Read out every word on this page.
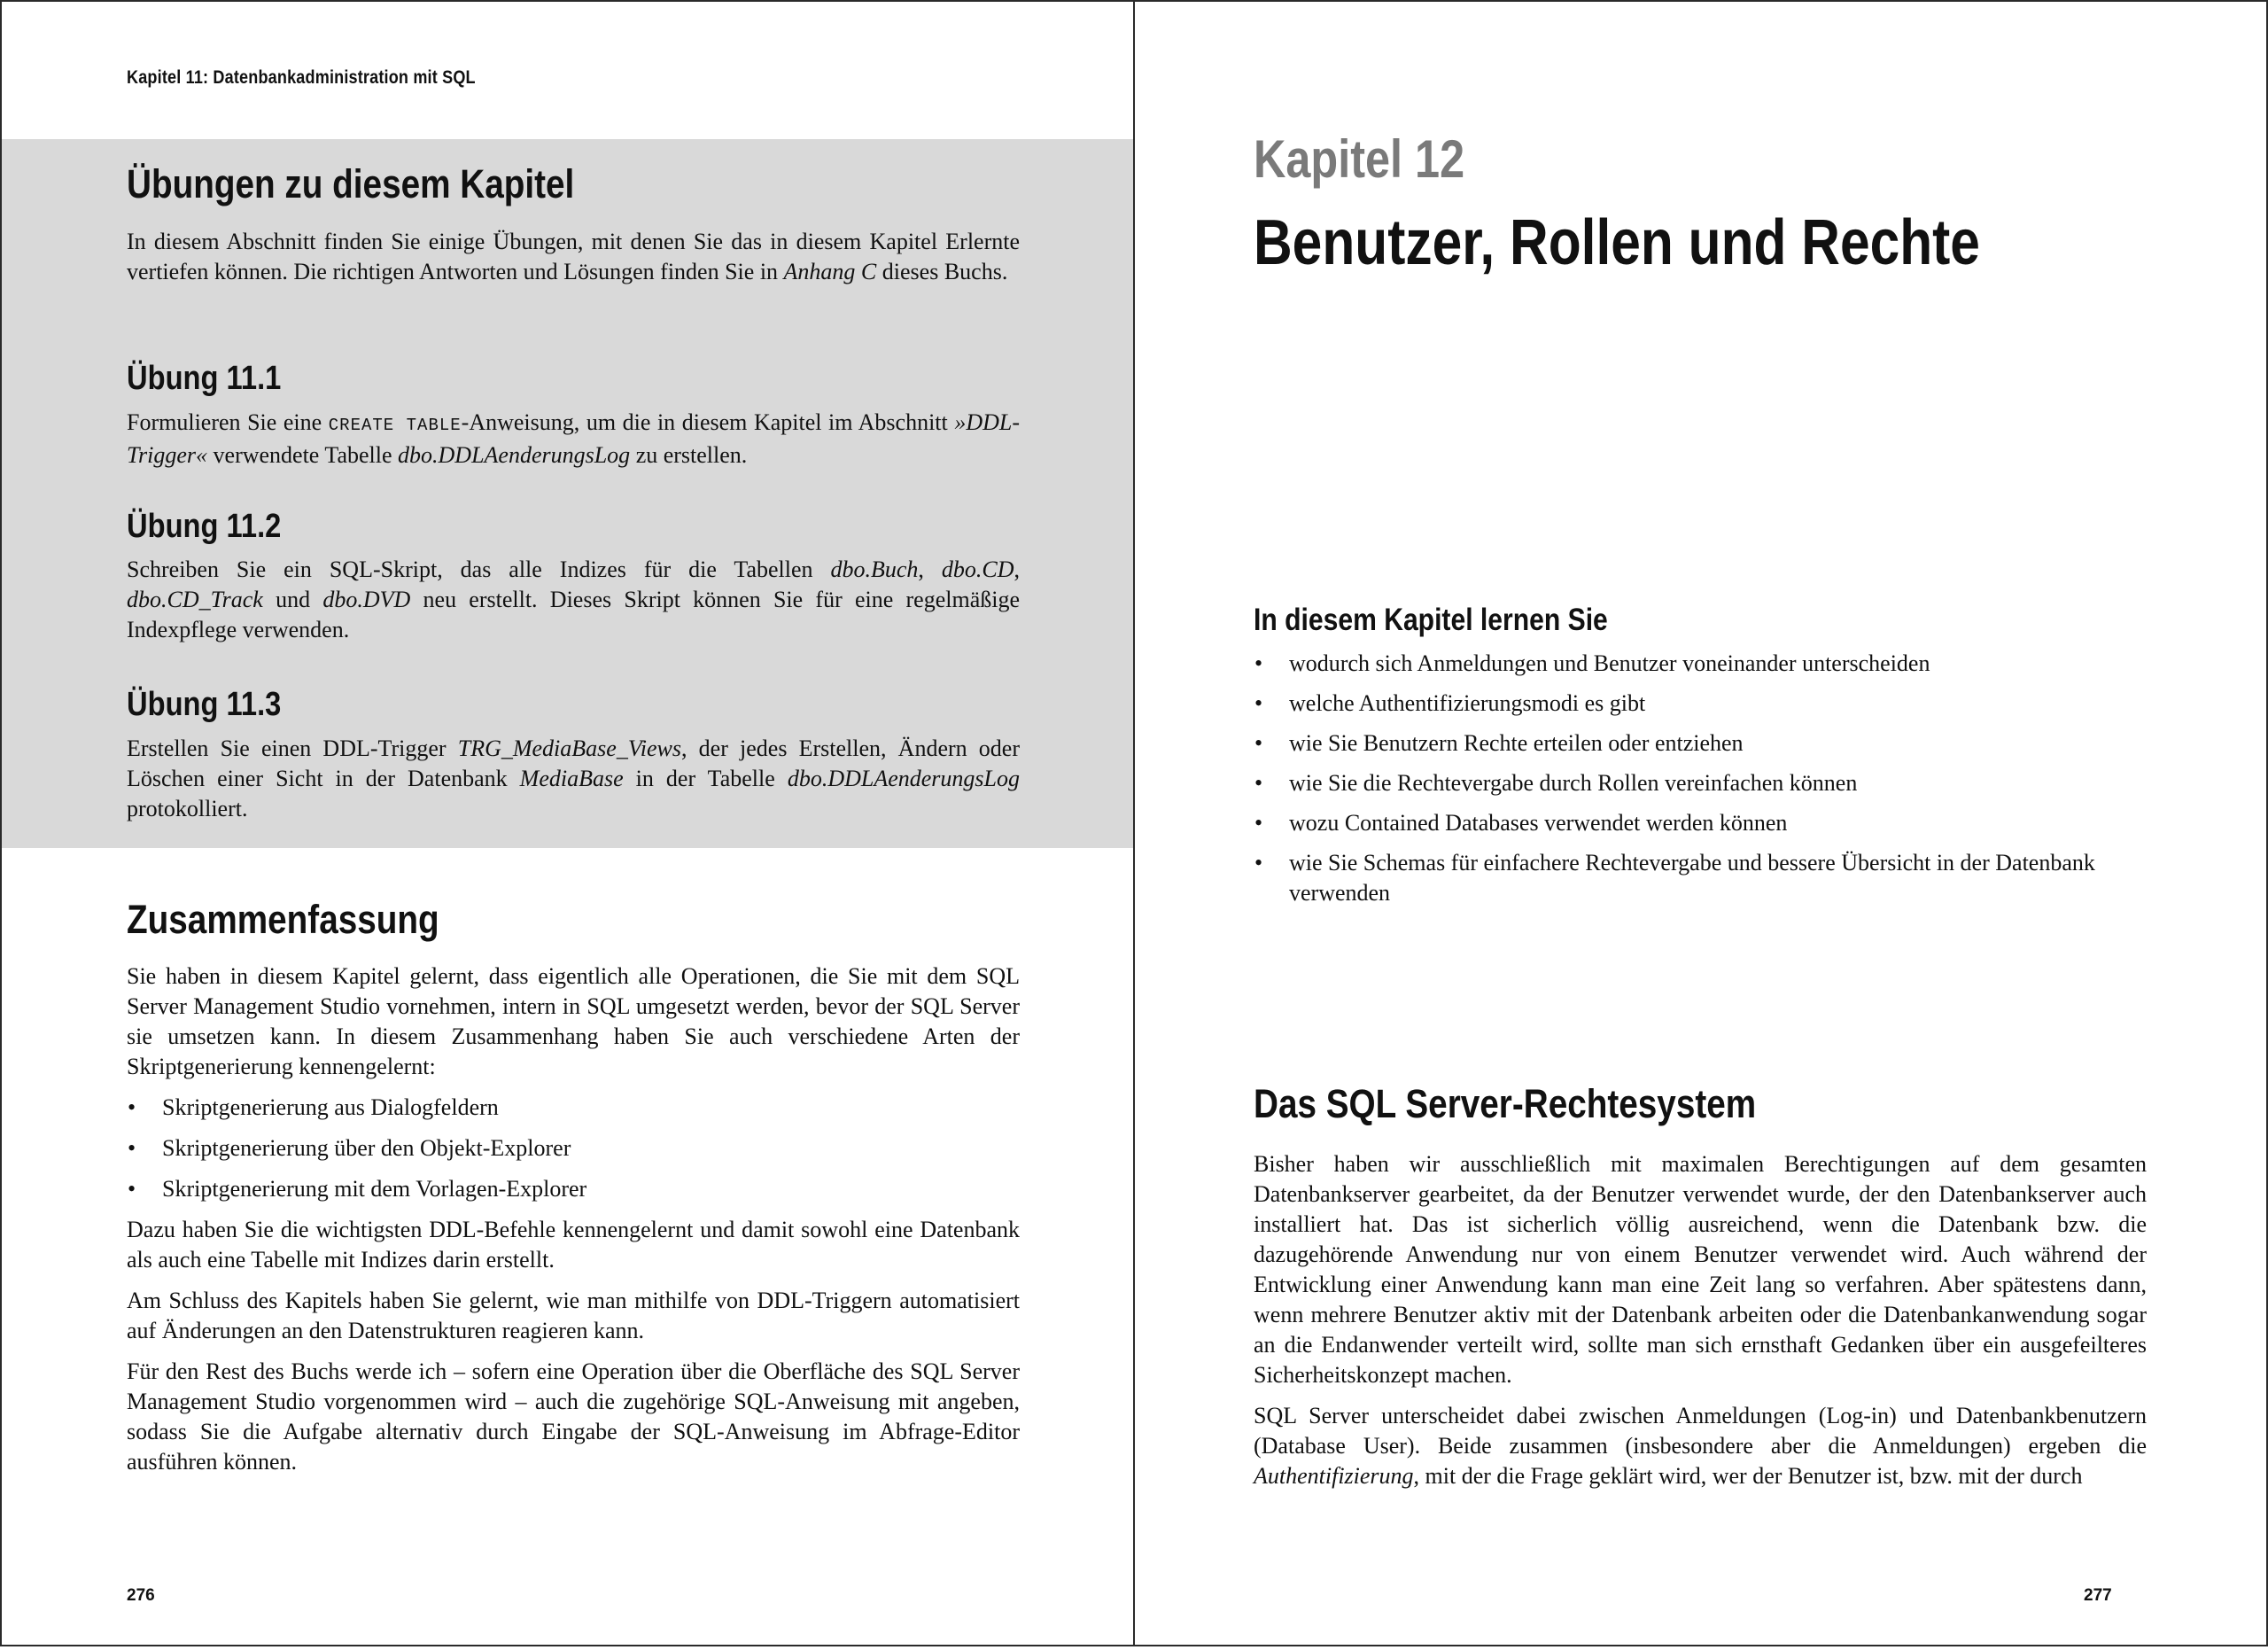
Kapitel 11: Datenbankadministration mit SQL
Übungen zu diesem Kapitel

In diesem Abschnitt finden Sie einige Übungen, mit denen Sie das in diesem Kapitel Erlernte vertiefen können. Die richtigen Antworten und Lösungen finden Sie in Anhang C dieses Buchs.

Übung 11.1

Formulieren Sie eine CREATE TABLE-Anweisung, um die in diesem Kapitel im Abschnitt »DDL-Trigger« verwendete Tabelle dbo.DDLAenderungsLog zu erstellen.

Übung 11.2

Schreiben Sie ein SQL-Skript, das alle Indizes für die Tabellen dbo.Buch, dbo.CD, dbo.CD_Track und dbo.DVD neu erstellt. Dieses Skript können Sie für eine regelmäßige Indexpflege verwenden.

Übung 11.3

Erstellen Sie einen DDL-Trigger TRG_MediaBase_Views, der jedes Erstellen, Ändern oder Löschen einer Sicht in der Datenbank MediaBase in der Tabelle dbo.DDLAenderungsLog protokolliert.

Zusammenfassung

Sie haben in diesem Kapitel gelernt, dass eigentlich alle Operationen, die Sie mit dem SQL Server Management Studio vornehmen, intern in SQL umgesetzt werden, bevor der SQL Server sie umsetzen kann. In diesem Zusammenhang haben Sie auch verschiedene Arten der Skriptgenerierung kennengelernt:

• Skriptgenerierung aus Dialogfeldern
• Skriptgenerierung über den Objekt-Explorer
• Skriptgenerierung mit dem Vorlagen-Explorer

Dazu haben Sie die wichtigsten DDL-Befehle kennengelernt und damit sowohl eine Datenbank als auch eine Tabelle mit Indizes darin erstellt.

Am Schluss des Kapitels haben Sie gelernt, wie man mithilfe von DDL-Triggern automatisiert auf Änderungen an den Datenstrukturen reagieren kann.

Für den Rest des Buchs werde ich – sofern eine Operation über die Oberfläche des SQL Server Management Studio vorgenommen wird – auch die zugehörige SQL-Anweisung mit angeben, sodass Sie die Aufgabe alternativ durch Eingabe der SQL-Anweisung im Abfrage-Editor ausführen können.

276
Kapitel 12
Benutzer, Rollen und Rechte
In diesem Kapitel lernen Sie
• wodurch sich Anmeldungen und Benutzer voneinander unterscheiden
• welche Authentifizierungsmodi es gibt
• wie Sie Benutzern Rechte erteilen oder entziehen
• wie Sie die Rechtevergabe durch Rollen vereinfachen können
• wozu Contained Databases verwendet werden können
• wie Sie Schemas für einfachere Rechtevergabe und bessere Übersicht in der Datenbank verwenden
Das SQL Server-Rechtesystem

Bisher haben wir ausschließlich mit maximalen Berechtigungen auf dem gesamten Datenbankserver gearbeitet, da der Benutzer verwendet wurde, der den Datenbankserver auch installiert hat. Das ist sicherlich völlig ausreichend, wenn die Datenbank bzw. die dazugehörende Anwendung nur von einem Benutzer verwendet wird. Auch während der Entwicklung einer Anwendung kann man eine Zeit lang so verfahren. Aber spätestens dann, wenn mehrere Benutzer aktiv mit der Datenbank arbeiten oder die Datenbankanwendung sogar an die Endanwender verteilt wird, sollte man sich ernsthaft Gedanken über ein ausgefeilteres Sicherheitskonzept machen.

SQL Server unterscheidet dabei zwischen Anmeldungen (Log-in) und Datenbankbenutzern (Database User). Beide zusammen (insbesondere aber die Anmeldungen) ergeben die Authentifizierung, mit der die Frage geklärt wird, wer der Benutzer ist, bzw. mit der durch

277
